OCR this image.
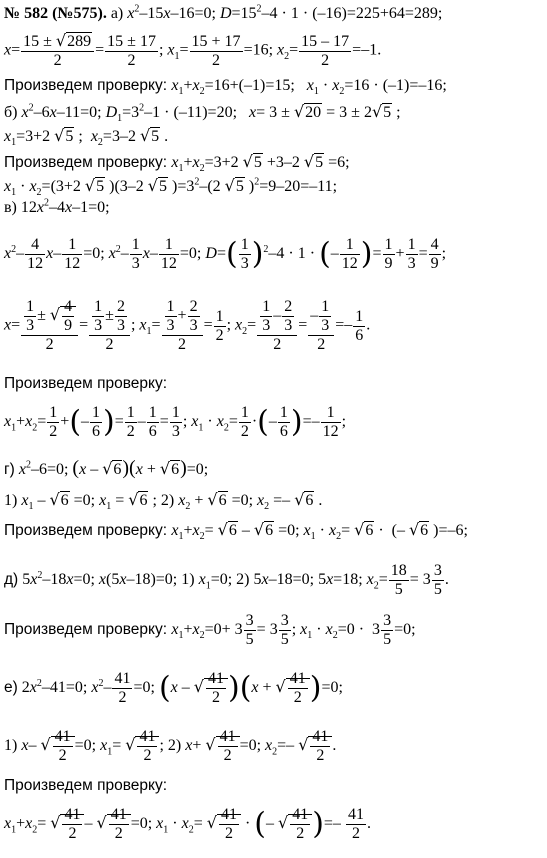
№ 582 (№575). а) $x^2-15x-16=0$; $D=15^2-4 \cdot 1 \cdot (-16)=225+64=289$;
$x= \frac{15 \pm √289}{2} = \frac{15 \pm 17}{2}$ ; $x_1= \frac{15 + 17}{2} =16$; $x_2= \frac{15 - 17}{2} =-1$.
Произведем проверку: $x_1+x_2=16+(-1)=15$;   $x_1 \cdot x_2=16 \cdot (-1)=-16$;
б) $x^2-6x-11=0$; $D_1=3^2-1 \cdot (-11)=20$;   x= 3 ± √20 = 3 ± 2√5 ;
$x_1=3+2$ √5 ;  $x_2=3-2$ √5 .
Произведем проверку: $x_1+x_2=3+2$ √5 +3–2 √5 =6;
$x_1 \cdot x_2=(3+2$ √5 )(3–2 √5 )$=3^2-(2$ √5 )$^2$=9–20=–11;
в) $12x^2-4x-1=0$;
$x^2- \frac{4}{12} x- \frac{1}{12} =0$; $x^2- \frac{1}{3} x- \frac{1}{12} =0$; $D=( \frac{1}{3} )^2-4 \cdot 1$ · (– $\frac{1}{12}$ )= $\frac{1}{9} + \frac{1}{3} = \frac{4}{9}$ ;
$x= \frac{\frac{1}{3} \pm √ \frac{4}{9}}{2} = \frac{\frac{1}{3} \pm \frac{2}{3}}{2}$ ; $x_1= \frac{\frac{1}{3} + \frac{2}{3}}{2} = \frac{1}{2}$ ; $x_2= \frac{\frac{1}{3} - \frac{2}{3}}{2} = \frac{- \frac{1}{3}}{2} =- \frac{1}{6}$ .
Произведем проверку:
$x_1+x_2= \frac{1}{2}$ +(– $\frac{1}{6}$ )= $\frac{1}{2} - \frac{1}{6} = \frac{1}{3}$ ; $x_1 \cdot x_2= \frac{1}{2}$ ·(– $\frac{1}{6}$ )=– $\frac{1}{12}$ ;
г) $x^2-6=0$; (x – √6)(x + √6)=0;
1) $x_1 - √6 =0$; $x_1 = √6$ ; 2) $x_2 + √6 =0$; $x_2 =- √6$ .
Произведем проверку: $x_1+x_2= √6 - √6 =0$; $x_1 \cdot x_2= √6$ ·  (– √6 )=–6;
д) $5x^2-18x=0$; x(5x–18)=0; 1) $x_1=0$; 2) 5x–18=0; 5x=18; $x_2= \frac{18}{5} = 3 \frac{3}{5}$ .
Произведем проверку: $x_1+x_2=0+ 3 \frac{3}{5} = 3 \frac{3}{5}$ ; $x_1 \cdot x_2=0 \cdot 3 \frac{3}{5} =0$;
е) $2x^2-41=0$; $x^2- \frac{41}{2} =0$; (x – √ $\frac{41}{2} )(x$ + √ $\frac{41}{2} )=0$;
1) x– √ $\frac{41}{2} =0$; $x_1=$ √ $\frac{41}{2}$ ; 2) x+ √ $\frac{41}{2} =0$; $x_2=-$ √ $\frac{41}{2}$ .
Произведем проверку:
$x_1+x_2=$ √ $\frac{41}{2}$ – √ $\frac{41}{2} =0$; $x_1 \cdot x_2=$ √ $\frac{41}{2}$ · (– √ $\frac{41}{2}$ )=– $\frac{41}{2}$ .
